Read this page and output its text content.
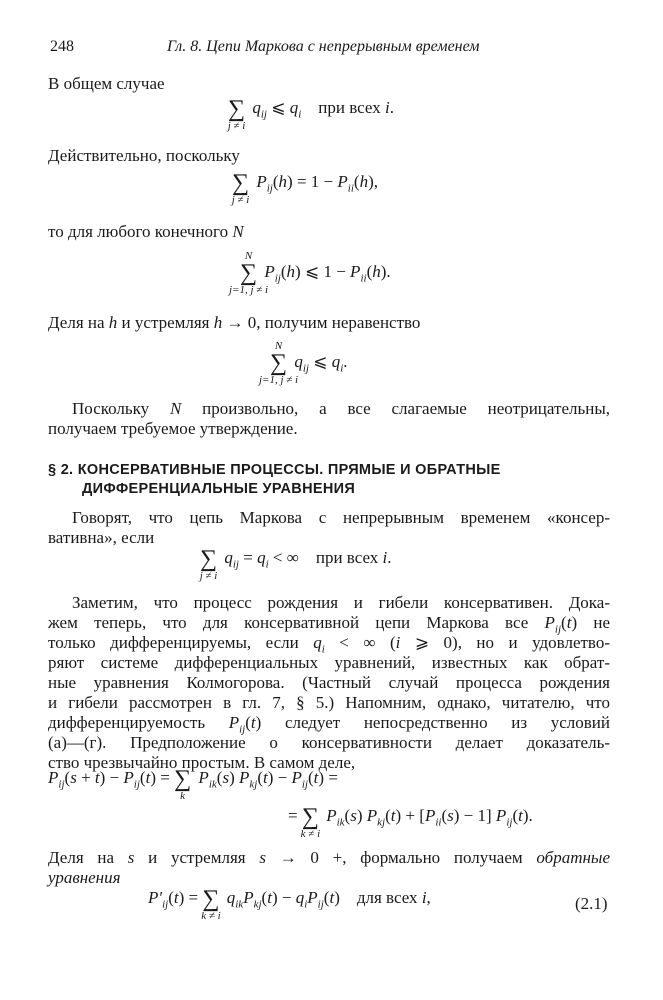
248	Гл. 8. Цепи Маркова с непрерывным временем
В общем случае
∑
j ≠ i
$q_{ij}$ ⩽ $q_i$    при всех i.
Действительно, поскольку
∑
j ≠ i
$P_{ij}(h) = 1 - P_{ii}(h)$,
то для любого конечного N
N
∑
j=1, j ≠ i
$P_{ij}(h)$ ⩽ $1 - P_{ii}(h)$.
Деля на h и устремляя h → 0, получим неравенство
N
∑
j=1, j ≠ i
$q_{ij}$ ⩽ $q_i$.
Поскольку N произвольно, а все слагаемые неотрицательны,
получаем требуемое утверждение.
§ 2. КОНСЕРВАТИВНЫЕ ПРОЦЕССЫ. ПРЯМЫЕ И ОБРАТНЫЕ
ДИФФЕРЕНЦИАЛЬНЫЕ УРАВНЕНИЯ
Говорят, что цепь Маркова с непрерывным временем «консер-
вативна», если
∑
j ≠ i
$q_{ij} = q_i$ < ∞    при всех i.
Заметим, что процесс рождения и гибели консервативен. Дока-
жем теперь, что для консервативной цепи Маркова все $P_{ij}(t)$ не
только дифференцируемы, если $q_i$ < ∞ (i ⩾ 0), но и удовлетво-
ряют системе дифференциальных уравнений, известных как обрат-
ные уравнения Колмогорова. (Частный случай процесса рождения
и гибели рассмотрен в гл. 7, § 5.) Напомним, однако, читателю, что
дифференцируемость $P_{ij}(t)$ следует непосредственно из условий
(а)—(г). Предположение о консервативности делает доказатель-
ство чрезвычайно простым. В самом деле,
$P_{ij}(s + t) - P_{ij}(t)$ = ∑
k
$P_{ik}(s) P_{kj}(t) - P_{ij}(t)$ =
= ∑
k ≠ i
$P_{ik}(s) P_{kj}(t) + [P_{ii}(s) - 1]$ $P_{ij}(t)$.
Деля на s и устремляя s → 0 +, формально получаем обратные
уравнения
$P'_{ij}(t)$ = ∑
k ≠ i
$q_{ik}P_{kj}(t) - q_iP_{ij}(t)$    для всех i,	(2.1)
